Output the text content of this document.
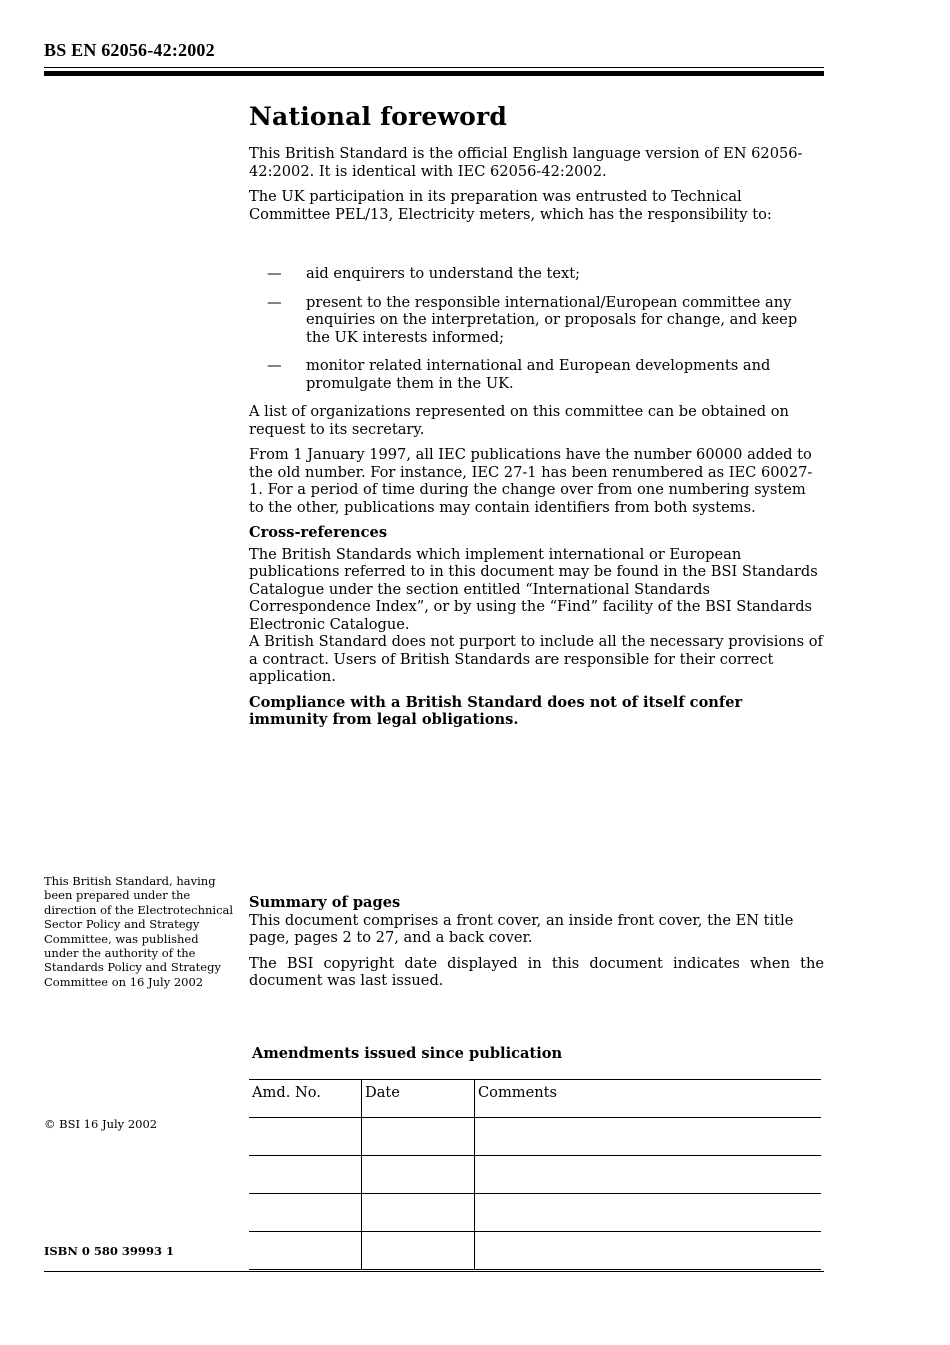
BS EN 62056-42:2002
National foreword

This British Standard is the official English language version of EN 62056-42:2002. It is identical with IEC 62056-42:2002.

The UK participation in its preparation was entrusted to Technical Committee PEL/13, Electricity meters, which has the responsibility to:

— aid enquirers to understand the text;
— present to the responsible international/European committee any enquiries on the interpretation, or proposals for change, and keep the UK interests informed;
— monitor related international and European developments and promulgate them in the UK.

A list of organizations represented on this committee can be obtained on request to its secretary.

From 1 January 1997, all IEC publications have the number 60000 added to the old number. For instance, IEC 27-1 has been renumbered as IEC 60027-1. For a period of time during the change over from one numbering system to the other, publications may contain identifiers from both systems.

Cross-references

The British Standards which implement international or European publications referred to in this document may be found in the BSI Standards Catalogue under the section entitled “International Standards Correspondence Index”, or by using the “Find” facility of the BSI Standards Electronic Catalogue.

A British Standard does not purport to include all the necessary provisions of a contract. Users of British Standards are responsible for their correct application.

Compliance with a British Standard does not of itself confer immunity from legal obligations.

This British Standard, having been prepared under the direction of the Electrotechnical Sector Policy and Strategy Committee, was published under the authority of the Standards Policy and Strategy Committee on 16 July 2002
Summary of pages

This document comprises a front cover, an inside front cover, the EN title page, pages 2 to 27, and a back cover.

The BSI copyright date displayed in this document indicates when the document was last issued.

© BSI 16 July 2002
Amendments issued since publication
Amd. No.	Date	Comments

ISBN 0 580 39993 1
